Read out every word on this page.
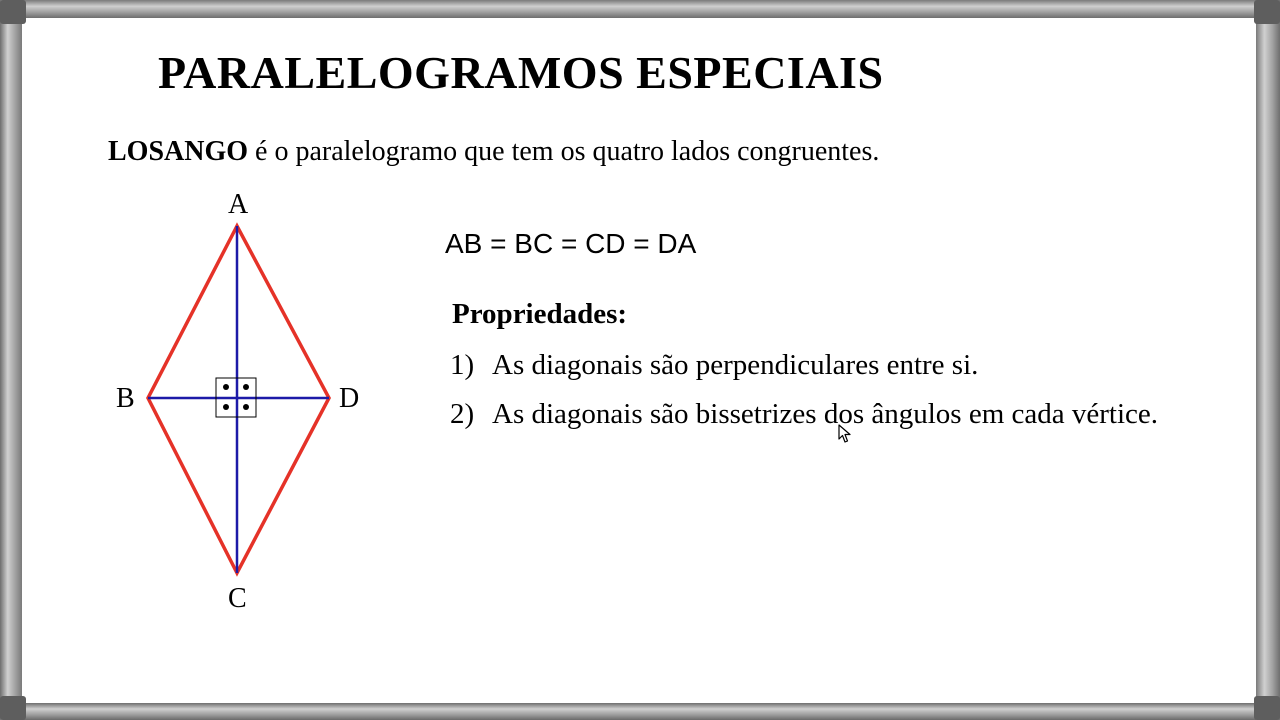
PARALELOGRAMOS ESPECIAIS
LOSANGO é o paralelogramo que tem os quatro lados congruentes.
A
B
C
D
AB = BC = CD = DA
Propriedades:
1) As diagonais são perpendiculares entre si.
2) As diagonais são bissetrizes dos ângulos em cada vértice.
